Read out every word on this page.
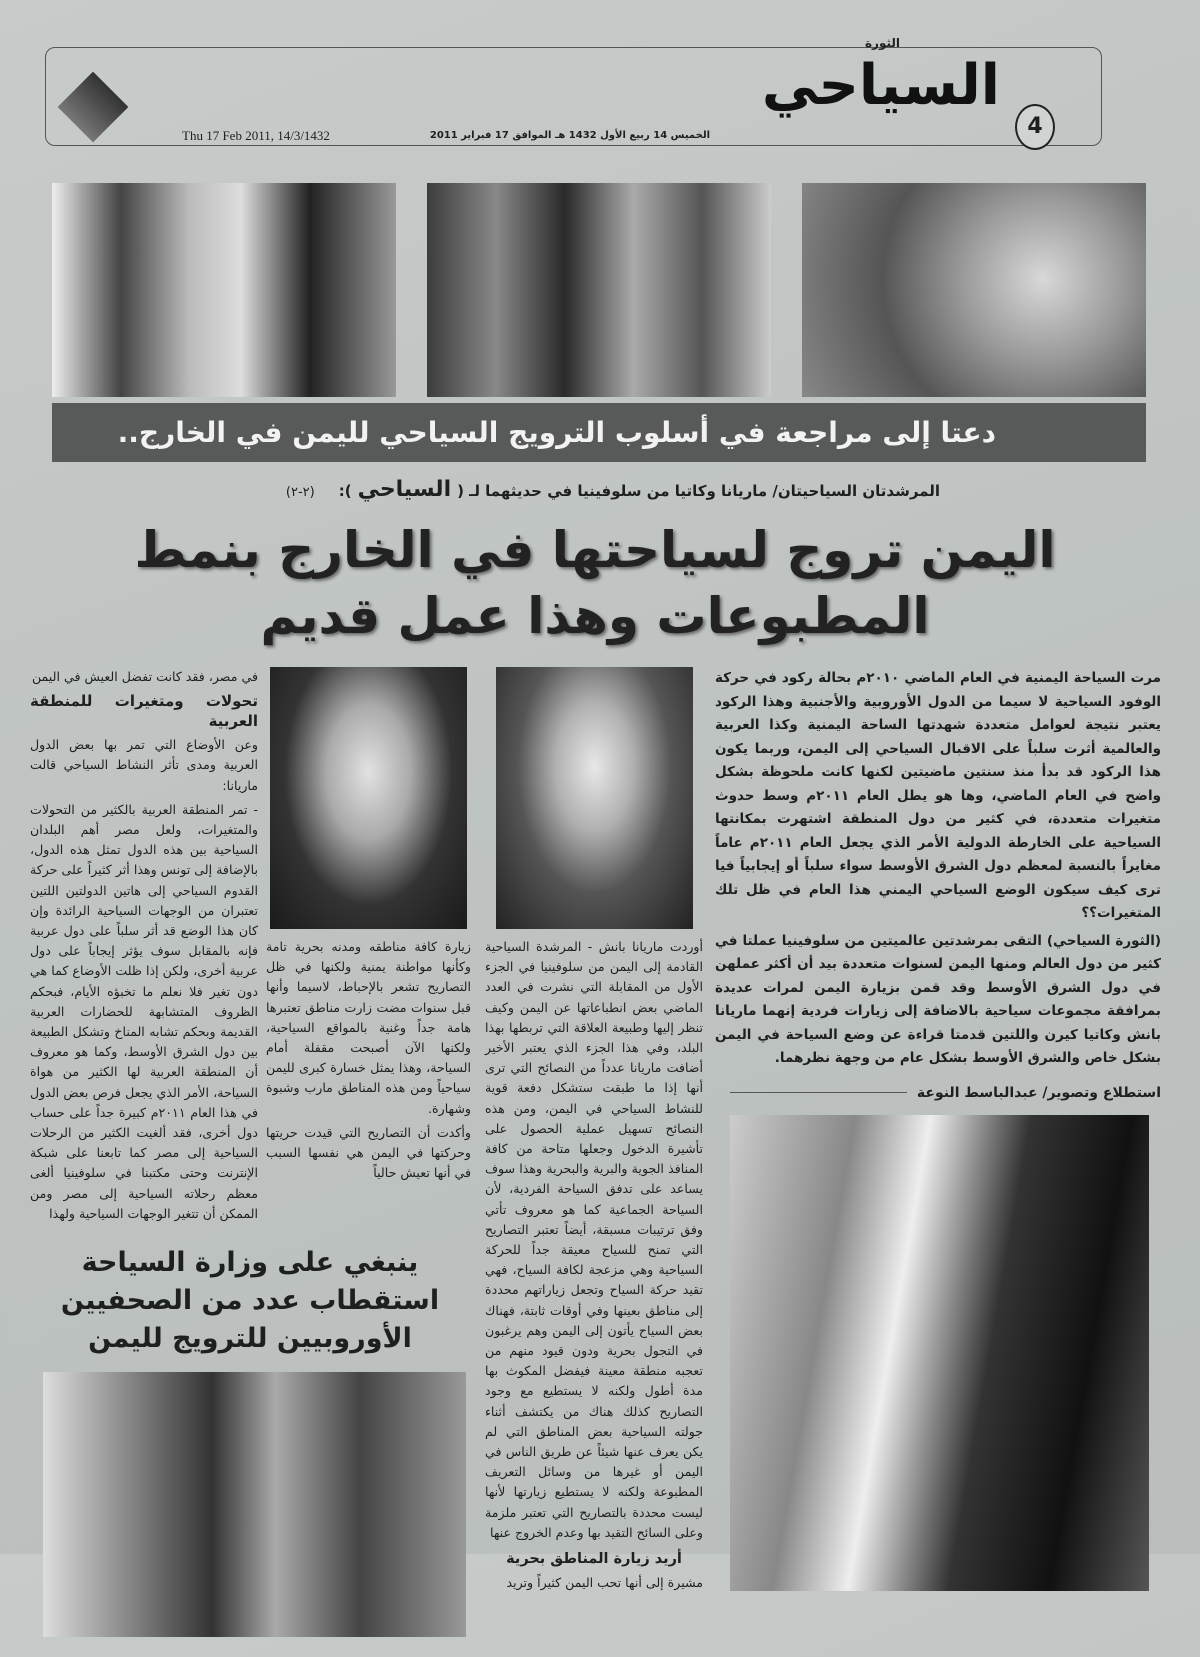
الثورة
السياحي
4
Thu 17 Feb 2011, 14/3/1432	الخميس 14 ربيع الأول 1432 هـ الموافق 17 فبراير 2011
دعتا إلى مراجعة في أسلوب الترويج السياحي لليمن في الخارج..
المرشدتان السياحيتان/ ماريانا وكاتيا من سلوفينيا في حديثهما لـ (السياحي):
(٢-٢)
اليمن تروج لسياحتها في الخارج بنمط المطبوعات وهذا عمل قديم

في مصر، فقد كانت تفضل العيش في اليمن

تحولات ومتغيرات للمنطقة العربية

وعن الأوضاع التي تمر بها بعض الدول العربية ومدى تأثر النشاط السياحي قالت ماريانا:

- تمر المنطقة العربية بالكثير من التحولات والمتغيرات، ولعل مصر أهم البلدان السياحية بين هذه الدول تمثل هذه الدول، بالإضافة إلى تونس وهذا أثر كثيراً على حركة القدوم السياحي إلى هاتين الدولتين اللتين تعتبران من الوجهات السياحية الرائدة وإن كان هذا الوضع قد أثر سلباً على دول عربية فإنه بالمقابل سوف يؤثر إيجاباً على دول عربية أخرى، ولكن إذا ظلت الأوضاع كما هي دون تغير فلا نعلم ما تخبؤه الأيام، فبحكم الظروف المتشابهة للحضارات العربية القديمة وبحكم تشابه المناخ وتشكل الطبيعة بين دول الشرق الأوسط، وكما هو معروف أن المنطقة العربية لها الكثير من هواة السياحة، الأمر الذي يجعل فرص بعض الدول في هذا العام ٢٠١١م كبيرة جداً على حساب دول أخرى، فقد ألغيت الكثير من الرحلات السياحية إلى مصر كما تابعنا على شبكة الإنترنت وحتى مكتبنا في سلوفينيا ألغى معظم رحلاته السياحية إلى مصر ومن الممكن أن تتغير الوجهات السياحية ولهذا

زيارة كافة مناطقه ومدنه بحرية تامة وكأنها مواطنة يمنية ولكنها في ظل التصاريح تشعر بالإحباط، لاسيما وأنها قبل سنوات مضت زارت مناطق تعتبرها هامة جداً وغنية بالمواقع السياحية، ولكنها الآن أصبحت مقفلة أمام السياحة، وهذا يمثل خسارة كبرى لليمن سياحياً ومن هذه المناطق مارب وشبوة وشهارة.

وأكدت أن التصاريح التي قيدت حريتها وحركتها في اليمن هي نفسها السبب في أنها تعيش حالياً

ينبغي على وزارة السياحة استقطاب عدد من الصحفيين الأوروبيين للترويج لليمن

أوردت ماريانا بانش - المرشدة السياحية القادمة إلى اليمن من سلوفينيا في الجزء الأول من المقابلة التي نشرت في العدد الماضي بعض انطباعاتها عن اليمن وكيف تنظر إليها وطبيعة العلاقة التي تربطها بهذا البلد، وفي هذا الجزء الذي يعتبر الأخير أضافت ماريانا عدداً من النصائح التي ترى أنها إذا ما طبقت ستشكل دفعة قوية للنشاط السياحي في اليمن، ومن هذه النصائح تسهيل عملية الحصول على تأشيرة الدخول وجعلها متاحة من كافة المنافذ الجوية والبرية والبحرية وهذا سوف يساعد على تدفق السياحة الفردية، لأن السياحة الجماعية كما هو معروف تأتي وفق ترتيبات مسبقة، أيضاً تعتبر التصاريح التي تمنح للسياح معيقة جداً للحركة السياحية وهي مزعجة لكافة السياح، فهي تقيد حركة السياح وتجعل زياراتهم محددة إلى مناطق بعينها وفي أوقات ثابتة، فهناك بعض السياح يأتون إلى اليمن وهم يرغبون في التجول بحرية ودون قيود منهم من تعجبه منطقة معينة فيفضل المكوث بها مدة أطول ولكنه لا يستطيع مع وجود التصاريح كذلك هناك من يكتشف أثناء جولته السياحية بعض المناطق التي لم يكن يعرف عنها شيئاً عن طريق الناس في اليمن أو غيرها من وسائل التعريف المطبوعة ولكنه لا يستطيع زيارتها لأنها ليست محددة بالتصاريح التي تعتبر ملزمة وعلى السائح التقيد بها وعدم الخروج عنها

أريد زيارة المناطق بحرية

مشيرة إلى أنها تحب اليمن كثيراً وتريد

مرت السياحة اليمنية في العام الماضي ٢٠١٠م بحالة ركود في حركة الوفود السياحية لا سيما من الدول الأوروبية والأجنبية وهذا الركود يعتبر نتيجة لعوامل متعددة شهدتها الساحة اليمنية وكذا العربية والعالمية أثرت سلباً على الاقبال السياحي إلى اليمن، وربما يكون هذا الركود قد بدأ منذ سنتين ماضيتين لكنها كانت ملحوظة بشكل واضح في العام الماضي، وها هو يطل العام ٢٠١١م وسط حدوث متغيرات متعددة، في كثير من دول المنطقة اشتهرت بمكانتها السياحية على الخارطة الدولية الأمر الذي يجعل العام ٢٠١١م عاماً مغايراً بالنسبة لمعظم دول الشرق الأوسط سواء سلباً أو إيجابياً فيا ترى كيف سيكون الوضع السياحي اليمني هذا العام في ظل تلك المتغيرات؟؟

(الثورة السياحي) التقى بمرشدتين عالميتين من سلوفينيا عملتا في كثير من دول العالم ومنها اليمن لسنوات متعددة بيد أن أكثر عملهن في دول الشرق الأوسط وقد قمن بزيارة اليمن لمرات عديدة بمرافقة مجموعات سياحية بالاضافة إلى زيارات فردية إنهما ماريانا بانش وكاتيا كيرن واللتين قدمتا قراءة عن وضع السياحة في اليمن بشكل خاص والشرق الأوسط بشكل عام من وجهة نظرهما.

استطلاع وتصوير/ عبدالباسط النوعة
